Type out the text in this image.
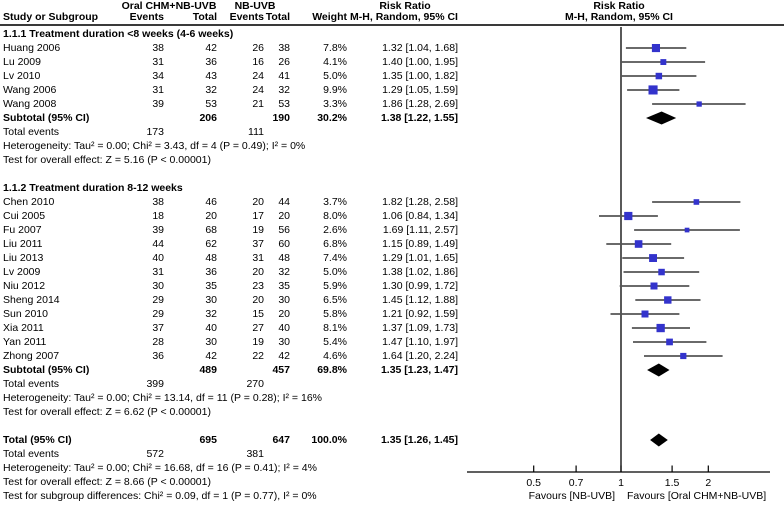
Oral CHM+NB-UVB	NB-UVB	Risk Ratio	Risk Ratio
Study or Subgroup	Events	Total	Events Total	Weight M-H, Random, 95% CI	M-H, Random, 95% CI
1.1.1 Treatment duration <8 weeks (4-6 weeks)
Huang 2006	38	42	26	38	7.8%	1.32 [1.04, 1.68]
Lu 2009	31	36	16	26	4.1%	1.40 [1.00, 1.95]
Lv 2010	34	43	24	41	5.0%	1.35 [1.00, 1.82]
Wang 2006	31	32	24	32	9.9%	1.29 [1.05, 1.59]
Wang 2008	39	53	21	53	3.3%	1.86 [1.28, 2.69]
Subtotal (95% CI)	206	190	30.2%	1.38 [1.22, 1.55]
Total events	173	111
Heterogeneity: Tau² = 0.00; Chi² = 3.43, df = 4 (P = 0.49); I² = 0%
Test for overall effect: Z = 5.16 (P < 0.00001)
1.1.2 Treatment duration 8-12 weeks
Chen 2010	38	46	20	44	3.7%	1.82 [1.28, 2.58]
Cui 2005	18	20	17	20	8.0%	1.06 [0.84, 1.34]
Fu 2007	39	68	19	56	2.6%	1.69 [1.11, 2.57]
Liu 2011	44	62	37	60	6.8%	1.15 [0.89, 1.49]
Liu 2013	40	48	31	48	7.4%	1.29 [1.01, 1.65]
Lv 2009	31	36	20	32	5.0%	1.38 [1.02, 1.86]
Niu 2012	30	35	23	35	5.9%	1.30 [0.99, 1.72]
Sheng 2014	29	30	20	30	6.5%	1.45 [1.12, 1.88]
Sun 2010	29	32	15	20	5.8%	1.21 [0.92, 1.59]
Xia 2011	37	40	27	40	8.1%	1.37 [1.09, 1.73]
Yan 2011	28	30	19	30	5.4%	1.47 [1.10, 1.97]
Zhong 2007	36	42	22	42	4.6%	1.64 [1.20, 2.24]
Subtotal (95% CI)	489	457	69.8%	1.35 [1.23, 1.47]
Total events	399	270
Heterogeneity: Tau² = 0.00; Chi² = 13.14, df = 11 (P = 0.28); I² = 16%
Test for overall effect: Z = 6.62 (P < 0.00001)
Total (95% CI)	695	647	100.0%	1.35 [1.26, 1.45]
Total events	572	381
Heterogeneity: Tau² = 0.00; Chi² = 16.68, df = 16 (P = 0.41); I² = 4%
Test for overall effect: Z = 8.66 (P < 0.00001)
Test for subgroup differences: Chi² = 0.09, df = 1 (P = 0.77), I² = 0%
0.5	0.7	1	1.5 2
Favours [NB-UVB] Favours [Oral CHM+NB-UVB]
